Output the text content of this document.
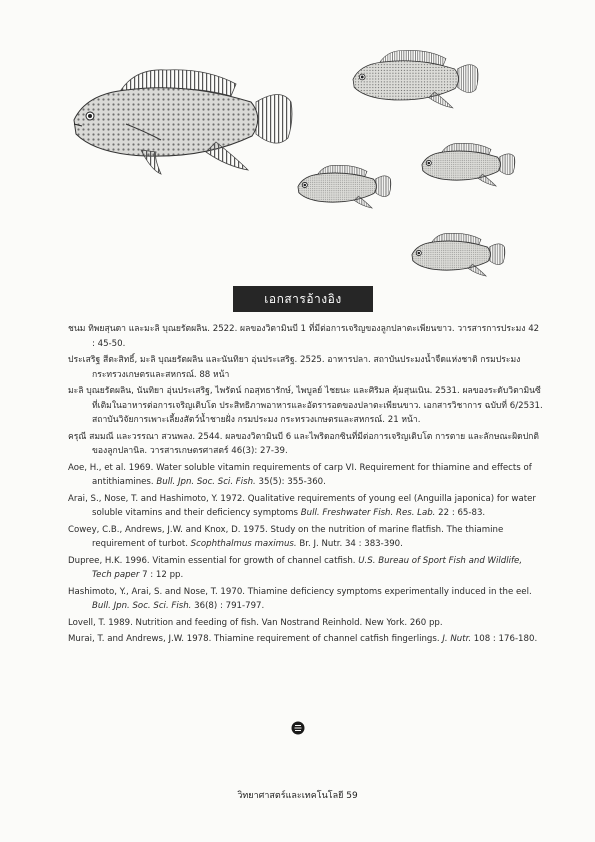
เอกสารอ้างอิง

ชนม ทิพยสุนดา และมะลิ บุณยรัตผลิน. 2522. ผลของวิตามินบี 1 ที่มีต่อการเจริญของลูกปลาตะเพียนขาว. วารสารการประมง 42 : 45-50.

ประเสริฐ สีตะสิทธิ์, มะลิ บุณยรัตผลิน และนันทิยา อุ่นประเสริฐ. 2525. อาหารปลา. สถาบันประมงน้ำจืดแห่งชาติ กรมประมง กระทรวงเกษตรและสหกรณ์. 88 หน้า

มะลิ บุณยรัตผลิน, นันทิยา อุ่นประเสริฐ, ไพรัตน์ กอสุทธารักษ์, ไพบูลย์ ไชยนะ และศิริมล คุ้มสุนเนิน. 2531. ผลของระดับวิตามินซีที่เติมในอาหารต่อการเจริญเติบโต ประสิทธิภาพอาหารและอัตรารอดของปลาตะเพียนขาว. เอกสารวิชาการ ฉบับที่ 6/2531. สถาบันวิจัยการเพาะเลี้ยงสัตว์น้ำชายฝั่ง กรมประมง กระทรวงเกษตรและสหกรณ์. 21 หน้า.

ครุณี สมมณี และวรรณา สวนพลง. 2544. ผลของวิตามินบี 6 และไพริดอกซินที่มีต่อการเจริญเติบโต การตาย และลักษณะผิดปกติของลูกปลานิล. วารสารเกษตรศาสตร์ 46(3): 27-39.

Aoe, H., et al. 1969. Water soluble vitamin requirements of carp VI. Requirement for thiamine and effects of antithiamines. Bull. Jpn. Soc. Sci. Fish. 35(5): 355-360.

Arai, S., Nose, T. and Hashimoto, Y. 1972. Qualitative requirements of young eel (Anguilla japonica) for water soluble vitamins and their deficiency symptoms Bull. Freshwater Fish. Res. Lab. 22 : 65-83.

Cowey, C.B., Andrews, J.W. and Knox, D. 1975. Study on the nutrition of marine flatfish. The thiamine requirement of turbot. Scophthalmus maximus. Br. J. Nutr. 34 : 383-390.

Dupree, H.K. 1996. Vitamin essential for growth of channel catfish. U.S. Bureau of Sport Fish and Wildlife, Tech paper 7 : 12 pp.

Hashimoto, Y., Arai, S. and Nose, T. 1970. Thiamine deficiency symptoms experimentally induced in the eel. Bull. Jpn. Soc. Sci. Fish. 36(8) : 791-797.

Lovell, T. 1989. Nutrition and feeding of fish. Van Nostrand Reinhold. New York. 260 pp.

Murai, T. and Andrews, J.W. 1978. Thiamine requirement of channel catfish fingerlings. J. Nutr. 108 : 176-180.

วิทยาศาสตร์และเทคโนโลยี 59
